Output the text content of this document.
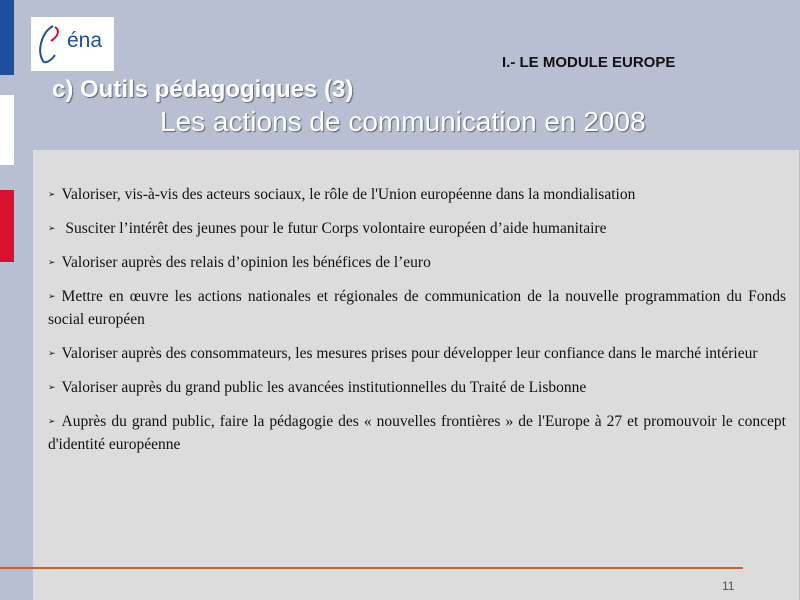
éna
I.- LE MODULE EUROPE
c) Outils pédagogiques (3)
Les actions de communication en 2008
➢ Valoriser, vis-à-vis des acteurs sociaux, le rôle de l'Union européenne dans la mondialisation
➢ Susciter l’intérêt des jeunes pour le futur Corps volontaire européen d’aide humanitaire
➢ Valoriser auprès des relais d’opinion les bénéfices de l’euro
➢ Mettre en œuvre les actions nationales et régionales de communication de la nouvelle programmation du Fonds social européen
➢ Valoriser auprès des consommateurs, les mesures prises pour développer leur confiance dans le marché intérieur
➢ Valoriser auprès du grand public les avancées institutionnelles du Traité de Lisbonne
➢ Auprès du grand public, faire la pédagogie des « nouvelles frontières » de l'Europe à 27 et promouvoir le concept d'identité européenne
11
